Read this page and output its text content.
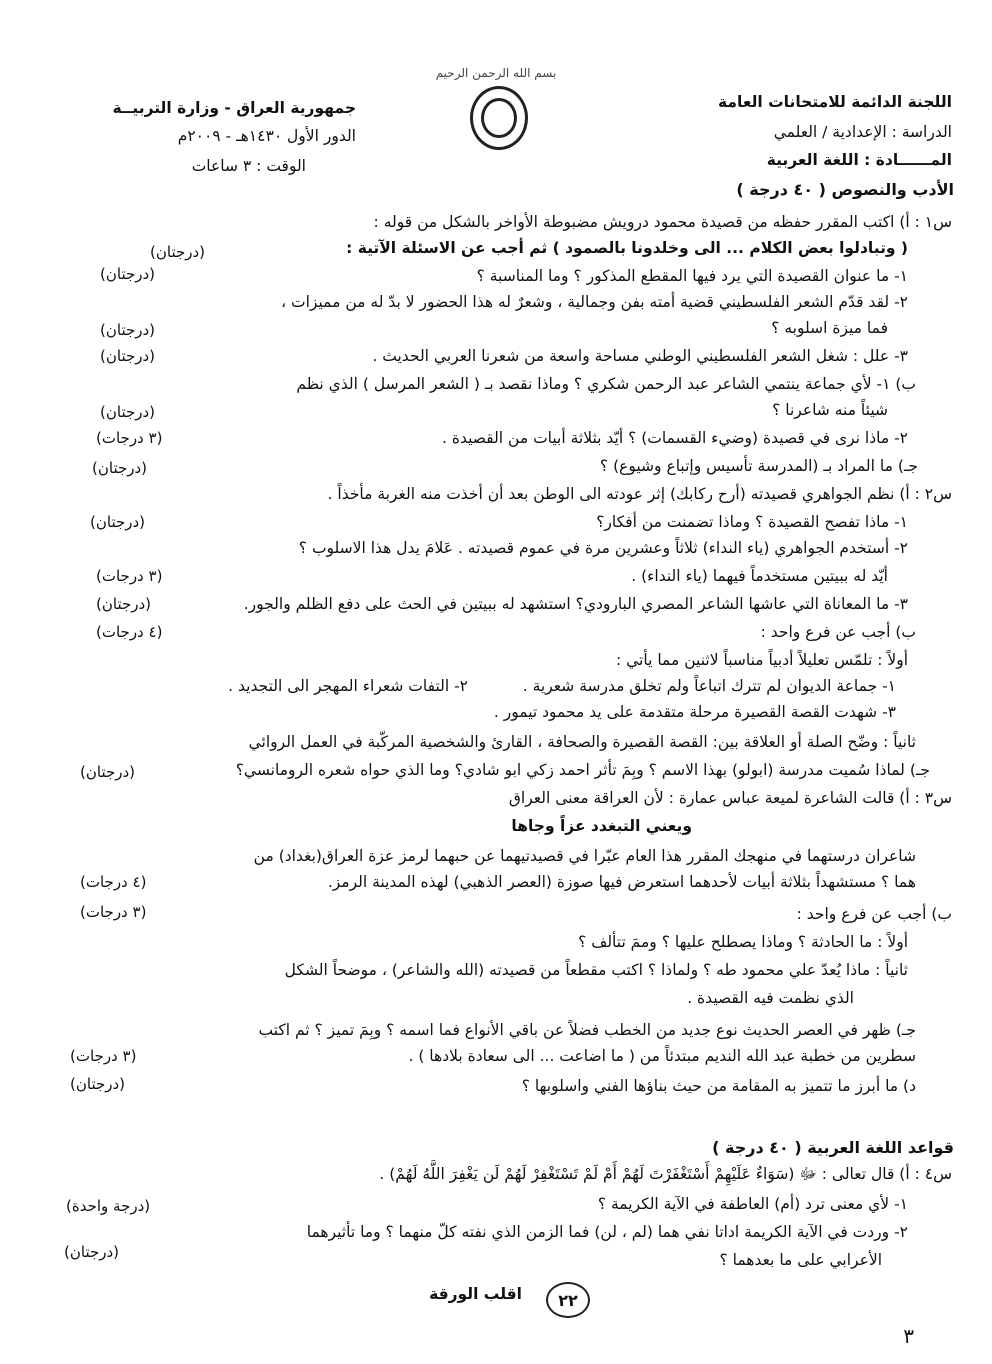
بسم الله الرحمن الرحيم
اللجنة الدائمة للامتحانات العامة
الدراسة : الإعدادية / العلمي
المــــــادة : اللغة العربية
جمهورية العراق - وزارة التربيــة
الدور الأول ١٤٣٠هـ - ٢٠٠٩م
الوقت : ٣ ساعات
الأدب والنصوص ( ٤٠ درجة )
س١ : أ) اكتب المقرر حفظه من قصيدة محمود درويش مضبوطة الأواخر بالشكل من قوله :
( وتبادلوا بعض الكلام ... الى وخلدونا بالصمود ) ثم أجب عن الاسئلة الآتية :
(درجتان)
١- ما عنوان القصيدة التي يرد فيها المقطع المذكور ؟ وما المناسبة ؟
(درجتان)
٢- لقد قدّم الشعر الفلسطيني قضية أمته بفن وجمالية ، وشعرٌ له هذا الحضور لا بدّ له من مميزات ،
فما ميزة اسلوبه ؟
(درجتان)
٣- علل : شغل الشعر الفلسطيني الوطني مساحة واسعة من شعرنا العربي الحديث .
(درجتان)
ب) ١- لأي جماعة ينتمي الشاعر عبد الرحمن شكري ؟ وماذا نقصد بـ ( الشعر المرسل ) الذي نظم
شيئاً منه شاعرنا ؟
(درجتان)
٢- ماذا نرى في قصيدة (وضيء القسمات) ؟ أيّد بثلاثة أبيات من القصيدة .
(٣ درجات)
جـ) ما المراد بـ (المدرسة تأسيس وإتباع وشيوع) ؟
(درجتان)
س٢ : أ) نظم الجواهري قصيدته (أرح ركابك) إثر عودته الى الوطن بعد أن أخذت منه الغربة مأخذاً .
١- ماذا تفصح القصيدة ؟ وماذا تضمنت من أفكار؟
(درجتان)
٢- أستخدم الجواهري (ياء النداء) ثلاثاً وعشرين مرة في عموم قصيدته . عَلامَ يدل هذا الاسلوب ؟
أيّد له ببيتين مستخدماً فيهما (ياء النداء) .
(٣ درجات)
٣- ما المعاناة التي عاشها الشاعر المصري البارودي؟ استشهد له ببيتين في الحث على دفع الظلم والجور.
(درجتان)
ب) أجب عن فرع واحد :
(٤ درجات)
أولاً : تلمّس تعليلاً أدبياً مناسباً لاثنين مما يأتي :
١- جماعة الديوان لم تترك اتباعاً ولم تخلق مدرسة شعرية .
٢- التفات شعراء المهجر الى التجديد .
٣- شهدت القصة القصيرة مرحلة متقدمة على يد محمود تيمور .
ثانياً : وضّح الصلة أو العلاقة بين: القصة القصيرة والصحافة ، القارئ والشخصية المركّبة في العمل الروائي
جـ) لماذا سُميت مدرسة (ابولو) بهذا الاسم ؟ وبِمَ تأثر احمد زكي ابو شادي؟ وما الذي حواه شعره الرومانسي؟
(درجتان)
س٣ : أ) قالت الشاعرة لميعة عباس عمارة : لأن العراقة معنى العراق
ويعني التبغدد عزاً وجاها
شاعران درستهما في منهجك المقرر هذا العام عبّرا في قصيدتيهما عن حبهما لرمز عزة العراق(بغداد) من
هما ؟ مستشهداً بثلاثة أبيات لأحدهما استعرض فيها صوزة (العصر الذهبي) لهذه المدينة الرمز.
(٤ درجات)
ب) أجب عن فرع واحد :
(٣ درجات)
أولاً : ما الحادثة ؟ وماذا يصطلح عليها ؟ وممَ تتألف ؟
ثانياً : ماذا يُعدّ علي محمود طه ؟ ولماذا ؟ اكتب مقطعاً من قصيدته (الله والشاعر) ، موضحاً الشكل
الذي نظمت فيه القصيدة .
جـ) ظهر في العصر الحديث نوع جديد من الخطب فضلاً عن باقي الأنواع فما اسمه ؟ وبِمَ تميز ؟ ثم اكتب
سطرين من خطبة عبد الله النديم مبتدئاً من ( ما اضاعت ... الى سعادة بلادها ) .
(٣ درجات)
د) ما أبرز ما تتميز به المقامة من حيث بناؤها الفني واسلوبها ؟
(درجتان)
قواعد اللغة العربية ( ٤٠ درجة )
س٤ : أ) قال تعالى : ﷻ (سَوَاءٌ عَلَيْهِمْ أَسْتَغْفَرْتَ لَهُمْ أَمْ لَمْ تَسْتَغْفِرْ لَهُمْ لَن يَغْفِرَ اللَّهُ لَهُمْ) .
١- لأي معنى ترد (أم) العاطفة في الآية الكريمة ؟
(درجة واحدة)
٢- وردت في الآية الكريمة اداتا نفي هما (لم ، لن) فما الزمن الذي نفته كلّ منهما ؟ وما تأثيرهما
الأعرابي على ما بعدهما ؟
(درجتان)
اقلب الورقة ٢٢
٣
